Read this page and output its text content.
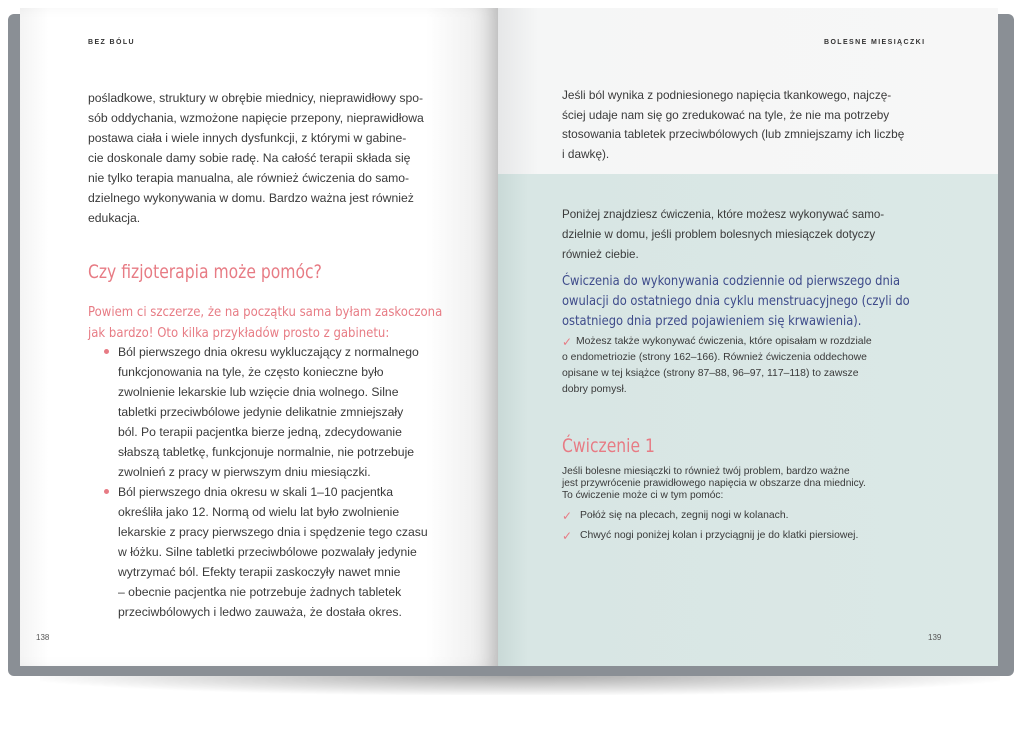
BEZ BÓLU
pośladkowe, struktury w obrębie miednicy, nieprawidłowy spo-
sób oddychania, wzmożone napięcie przepony, nieprawidłowa
postawa ciała i wiele innych dysfunkcji, z którymi w gabine-
cie doskonale damy sobie radę. Na całość terapii składa się
nie tylko terapia manualna, ale również ćwiczenia do samo-
dzielnego wykonywania w domu. Bardzo ważna jest również
edukacja.
Czy fizjoterapia może pomóc?
Powiem ci szczerze, że na początku sama byłam zaskoczona
jak bardzo! Oto kilka przykładów prosto z gabinetu:
Ból pierwszego dnia okresu wykluczający z normalnego
funkcjonowania na tyle, że często konieczne było
zwolnienie lekarskie lub wzięcie dnia wolnego. Silne
tabletki przeciwbólowe jedynie delikatnie zmniejszały
ból. Po terapii pacjentka bierze jedną, zdecydowanie
słabszą tabletkę, funkcjonuje normalnie, nie potrzebuje
zwolnień z pracy w pierwszym dniu miesiączki.
Ból pierwszego dnia okresu w skali 1–10 pacjentka
określiła jako 12. Normą od wielu lat było zwolnienie
lekarskie z pracy pierwszego dnia i spędzenie tego czasu
w łóżku. Silne tabletki przeciwbólowe pozwalały jedynie
wytrzymać ból. Efekty terapii zaskoczyły nawet mnie
– obecnie pacjentka nie potrzebuje żadnych tabletek
przeciwbólowych i ledwo zauważa, że dostała okres.
138
BOLESNE MIESIĄCZKI
Jeśli ból wynika z podniesionego napięcia tkankowego, najczę-
ściej udaje nam się go zredukować na tyle, że nie ma potrzeby
stosowania tabletek przeciwbólowych (lub zmniejszamy ich liczbę
i dawkę).
Poniżej znajdziesz ćwiczenia, które możesz wykonywać samo-
dzielnie w domu, jeśli problem bolesnych miesiączek dotyczy
również ciebie.
Ćwiczenia do wykonywania codziennie od pierwszego dnia
owulacji do ostatniego dnia cyklu menstruacyjnego (czyli do
ostatniego dnia przed pojawieniem się krwawienia).
✓ Możesz także wykonywać ćwiczenia, które opisałam w rozdziale
o endometriozie (strony 162–166). Również ćwiczenia oddechowe
opisane w tej książce (strony 87–88, 96–97, 117–118) to zawsze
dobry pomysł.
Ćwiczenie 1
Jeśli bolesne miesiączki to również twój problem, bardzo ważne
jest przywrócenie prawidłowego napięcia w obszarze dna miednicy.
To ćwiczenie może ci w tym pomóc:
✓ Połóż się na plecach, zegnij nogi w kolanach.
✓ Chwyć nogi poniżej kolan i przyciągnij je do klatki piersiowej.
139
